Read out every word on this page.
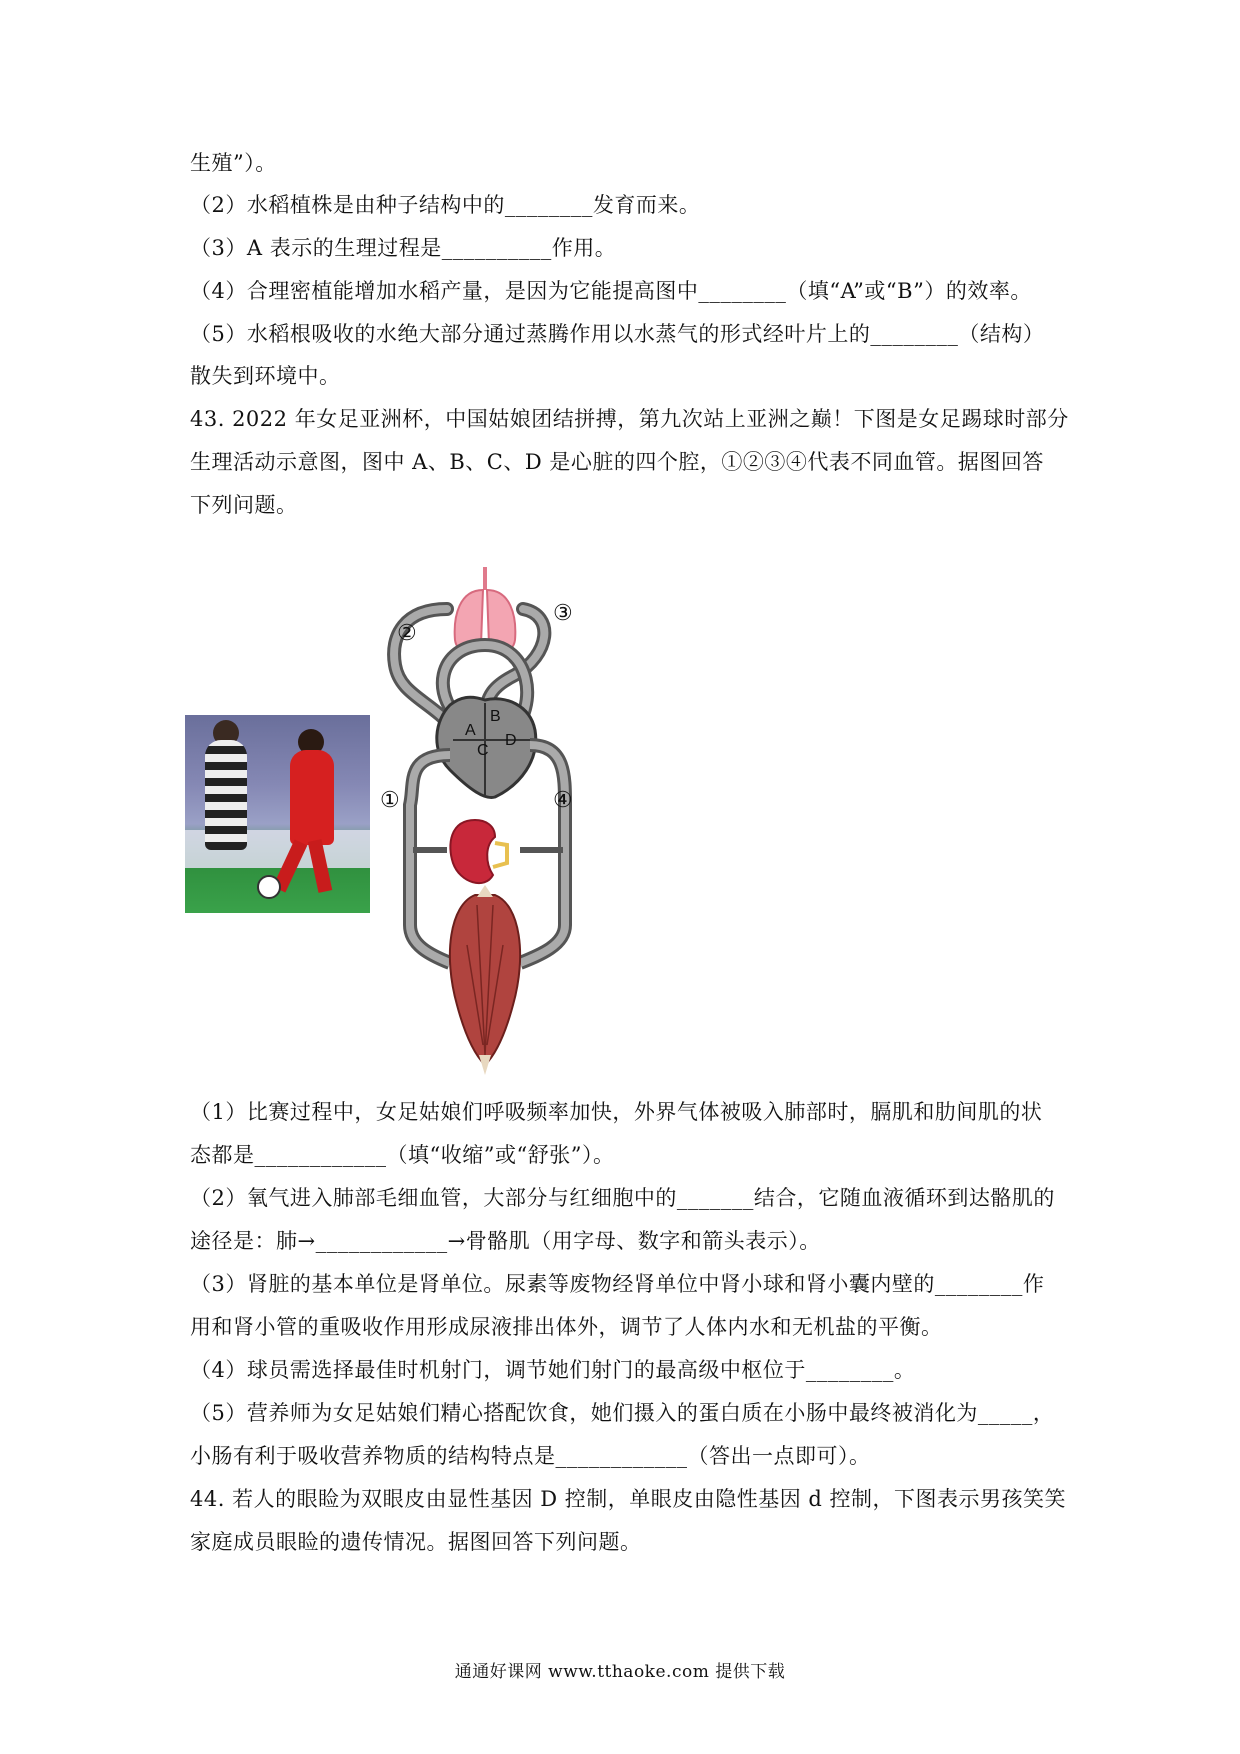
生殖”）。
（2）水稻植株是由种子结构中的________发育而来。
（3）A 表示的生理过程是__________作用。
（4）合理密植能增加水稻产量，是因为它能提高图中________（填“A”或“B”）的效率。
（5）水稻根吸收的水绝大部分通过蒸腾作用以水蒸气的形式经叶片上的________（结构）
散失到环境中。
43. 2022 年女足亚洲杯，中国姑娘团结拼搏，第九次站上亚洲之巅！下图是女足踢球时部分
生理活动示意图，图中 A、B、C、D 是心脏的四个腔，①②③④代表不同血管。据图回答
下列问题。
A
B
C
D
①
②
③
④
（1）比赛过程中，女足姑娘们呼吸频率加快，外界气体被吸入肺部时，膈肌和肋间肌的状
态都是____________（填“收缩”或“舒张”）。
（2）氧气进入肺部毛细血管，大部分与红细胞中的_______结合，它随血液循环到达骼肌的
途径是：肺→____________→骨骼肌（用字母、数字和箭头表示）。
（3）肾脏的基本单位是肾单位。尿素等废物经肾单位中肾小球和肾小囊内壁的________作
用和肾小管的重吸收作用形成尿液排出体外，调节了人体内水和无机盐的平衡。
（4）球员需选择最佳时机射门，调节她们射门的最高级中枢位于________。
（5）营养师为女足姑娘们精心搭配饮食，她们摄入的蛋白质在小肠中最终被消化为_____，
小肠有利于吸收营养物质的结构特点是____________（答出一点即可）。
44. 若人的眼睑为双眼皮由显性基因 D 控制，单眼皮由隐性基因 d 控制，下图表示男孩笑笑
家庭成员眼睑的遗传情况。据图回答下列问题。
通通好课网 www.tthaoke.com 提供下载
